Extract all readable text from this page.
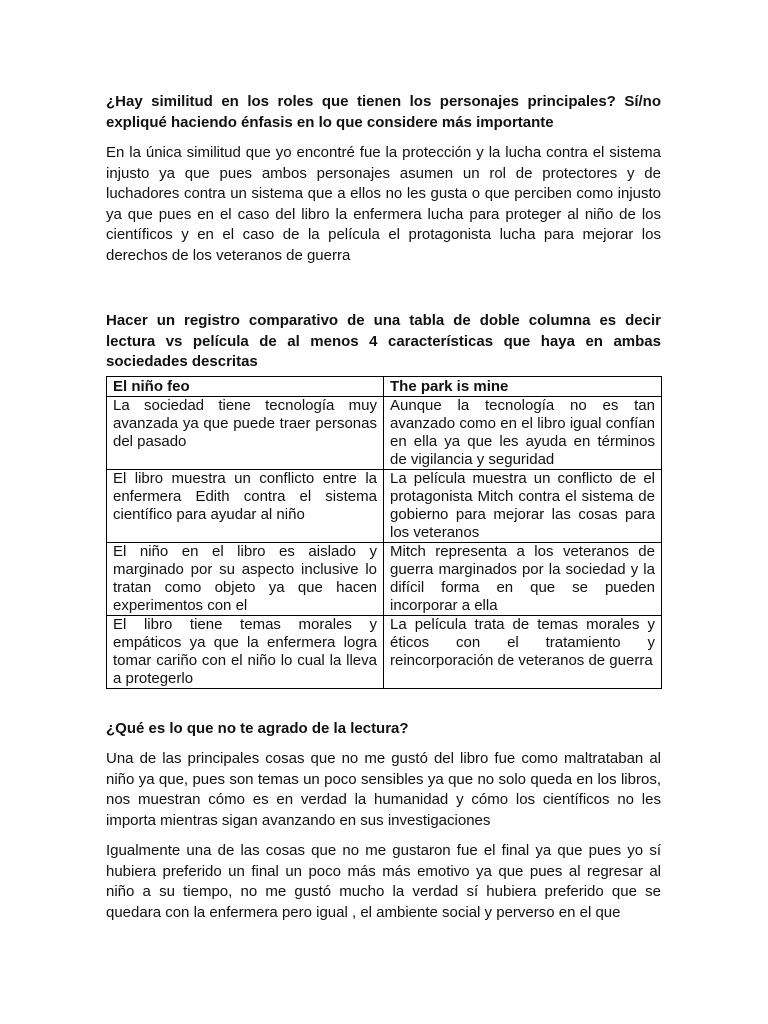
¿Hay similitud en los roles que tienen los personajes principales? Sí/no expliqué haciendo énfasis en lo que considere más importante

En la única similitud que yo encontré fue la protección y la lucha contra el sistema injusto ya que pues ambos personajes asumen un rol de protectores y de luchadores contra un sistema que a ellos no les gusta o que perciben como injusto ya que pues en el caso del libro la enfermera lucha para proteger al niño de los científicos y en el caso de la película el protagonista lucha para mejorar los derechos de los veteranos de guerra

Hacer un registro comparativo de una tabla de doble columna es decir lectura vs película de al menos 4 características que haya en ambas sociedades descritas

El niño feo	The park is mine
La sociedad tiene tecnología muy avanzada ya que puede traer personas del pasado	Aunque la tecnología no es tan avanzado como en el libro igual confían en ella ya que les ayuda en términos de vigilancia y seguridad
El libro muestra un conflicto entre la enfermera Edith contra el sistema científico para ayudar al niño	La película muestra un conflicto de el protagonista Mitch contra el sistema de gobierno para mejorar las cosas para los veteranos
El niño en el libro es aislado y marginado por su aspecto inclusive lo tratan como objeto ya que hacen experimentos con el	Mitch representa a los veteranos de guerra marginados por la sociedad y la difícil forma en que se pueden incorporar a ella
El libro tiene temas morales y empáticos ya que la enfermera logra tomar cariño con el niño lo cual la lleva a protegerlo	La película trata de temas morales y éticos con el tratamiento y reincorporación de veteranos de guerra

¿Qué es lo que no te agrado de la lectura?

Una de las principales cosas que no me gustó del libro fue como maltrataban al niño ya que, pues son temas un poco sensibles ya que no solo queda en los libros, nos muestran cómo es en verdad la humanidad y cómo los científicos no les importa mientras sigan avanzando en sus investigaciones

Igualmente una de las cosas que no me gustaron fue el final ya que pues yo sí hubiera preferido un final un poco más más emotivo ya que pues al regresar al niño a su tiempo, no me gustó mucho la verdad sí hubiera preferido que se quedara con la enfermera pero igual , el ambiente social y perverso en el que
